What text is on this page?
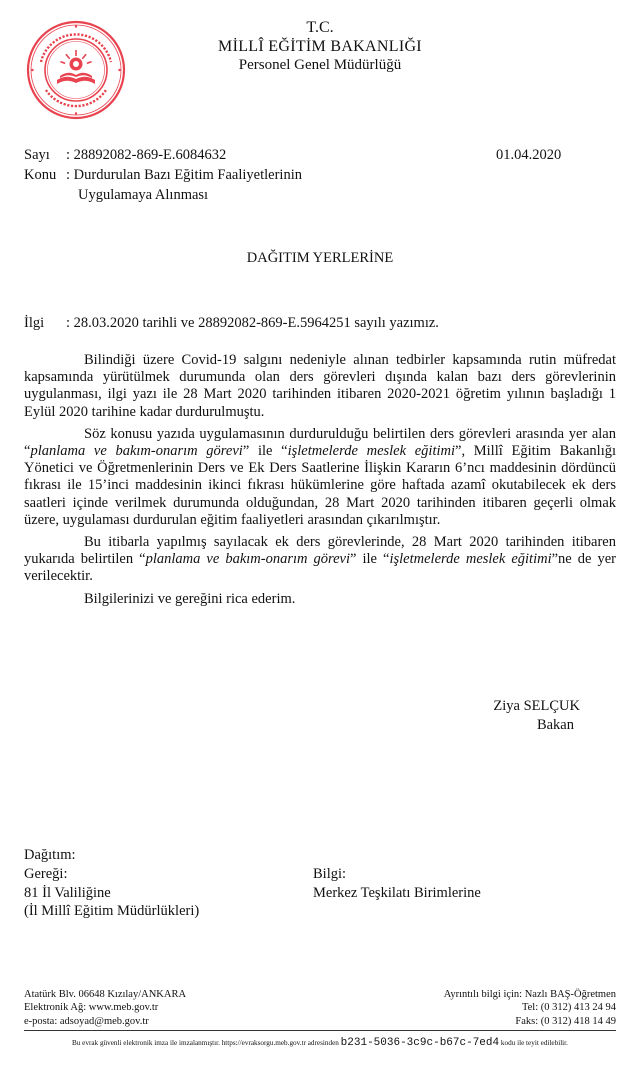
T.C.
MİLLÎ EĞİTİM BAKANLIĞI
Personel Genel Müdürlüğü
Sayı : 28892082-869-E.6084632	01.04.2020
Konu : Durdurulan Bazı Eğitim Faaliyetlerinin
Uygulamaya Alınması
DAĞITIM YERLERİNE
İlgi : 28.03.2020 tarihli ve 28892082-869-E.5964251 sayılı yazımız.

Bilindiği üzere Covid-19 salgını nedeniyle alınan tedbirler kapsamında rutin müfredat kapsamında yürütülmek durumunda olan ders görevleri dışında kalan bazı ders görevlerinin uygulanması, ilgi yazı ile 28 Mart 2020 tarihinden itibaren 2020-2021 öğretim yılının başladığı 1 Eylül 2020 tarihine kadar durdurulmuştu.

Söz konusu yazıda uygulamasının durdurulduğu belirtilen ders görevleri arasında yer alan “planlama ve bakım-onarım görevi” ile “işletmelerde meslek eğitimi”, Millî Eğitim Bakanlığı Yönetici ve Öğretmenlerinin Ders ve Ek Ders Saatlerine İlişkin Kararın 6’ncı maddesinin dördüncü fıkrası ile 15’inci maddesinin ikinci fıkrası hükümlerine göre haftada azamî okutabilecek ek ders saatleri içinde verilmek durumunda olduğundan, 28 Mart 2020 tarihinden itibaren geçerli olmak üzere, uygulaması durdurulan eğitim faaliyetleri arasından çıkarılmıştır.

Bu itibarla yapılmış sayılacak ek ders görevlerinde, 28 Mart 2020 tarihinden itibaren yukarıda belirtilen “planlama ve bakım-onarım görevi” ile “işletmelerde meslek eğitimi”ne de yer verilecektir.

Bilgilerinizi ve gereğini rica ederim.

Ziya SELÇUK
Bakan
Dağıtım:
Gereği:
81 İl Valiliğine
(İl Millî Eğitim Müdürlükleri)
Bilgi:
Merkez Teşkilatı Birimlerine
Atatürk Blv. 06648 Kızılay/ANKARA
Elektronik Ağ: www.meb.gov.tr
e-posta: adsoyad@meb.gov.tr
Ayrıntılı bilgi için: Nazlı BAŞ-Öğretmen
Tel: (0 312) 413 24 94
Faks: (0 312) 418 14 49
Bu evrak güvenli elektronik imza ile imzalanmıştır. https://evraksorgu.meb.gov.tr adresinden b231-5036-3c9c-b67c-7ed4 kodu ile teyit edilebilir.
